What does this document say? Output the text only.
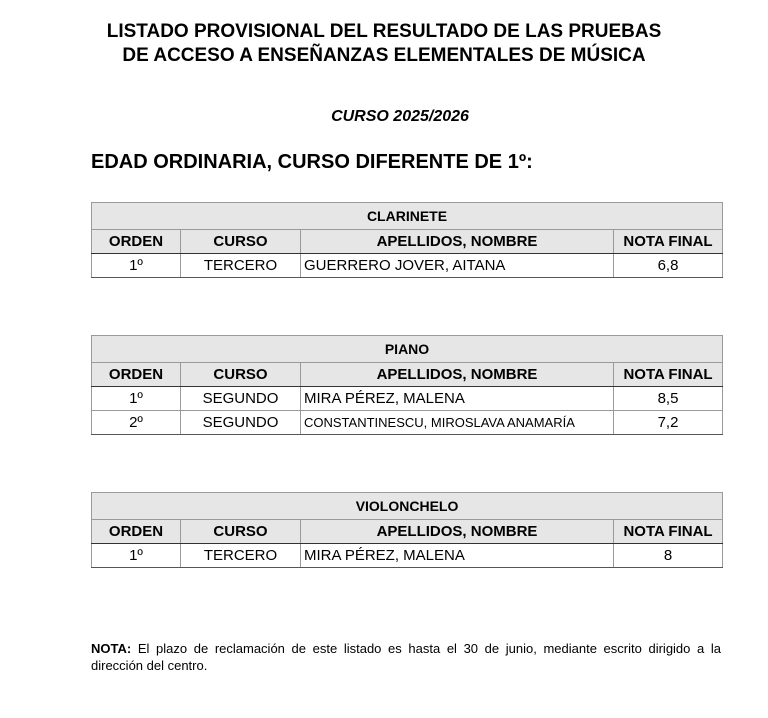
LISTADO PROVISIONAL DEL RESULTADO DE LAS PRUEBAS
DE ACCESO A ENSEÑANZAS ELEMENTALES DE MÚSICA
CURSO 2025/2026
EDAD ORDINARIA, CURSO DIFERENTE DE 1º:
CLARINETE			
ORDEN	CURSO	APELLIDOS, NOMBRE	NOTA FINAL
1º	TERCERO	GUERRERO JOVER, AITANA	6,8
PIANO			
ORDEN	CURSO	APELLIDOS, NOMBRE	NOTA FINAL
1º	SEGUNDO	MIRA PÉREZ, MALENA	8,5
2º	SEGUNDO	CONSTANTINESCU, MIROSLAVA ANAMARÍA	7,2
VIOLONCHELO			
ORDEN	CURSO	APELLIDOS, NOMBRE	NOTA FINAL
1º	TERCERO	MIRA PÉREZ, MALENA	8
NOTA: El plazo de reclamación de este listado es hasta el 30 de junio, mediante escrito dirigido a la dirección del centro.
